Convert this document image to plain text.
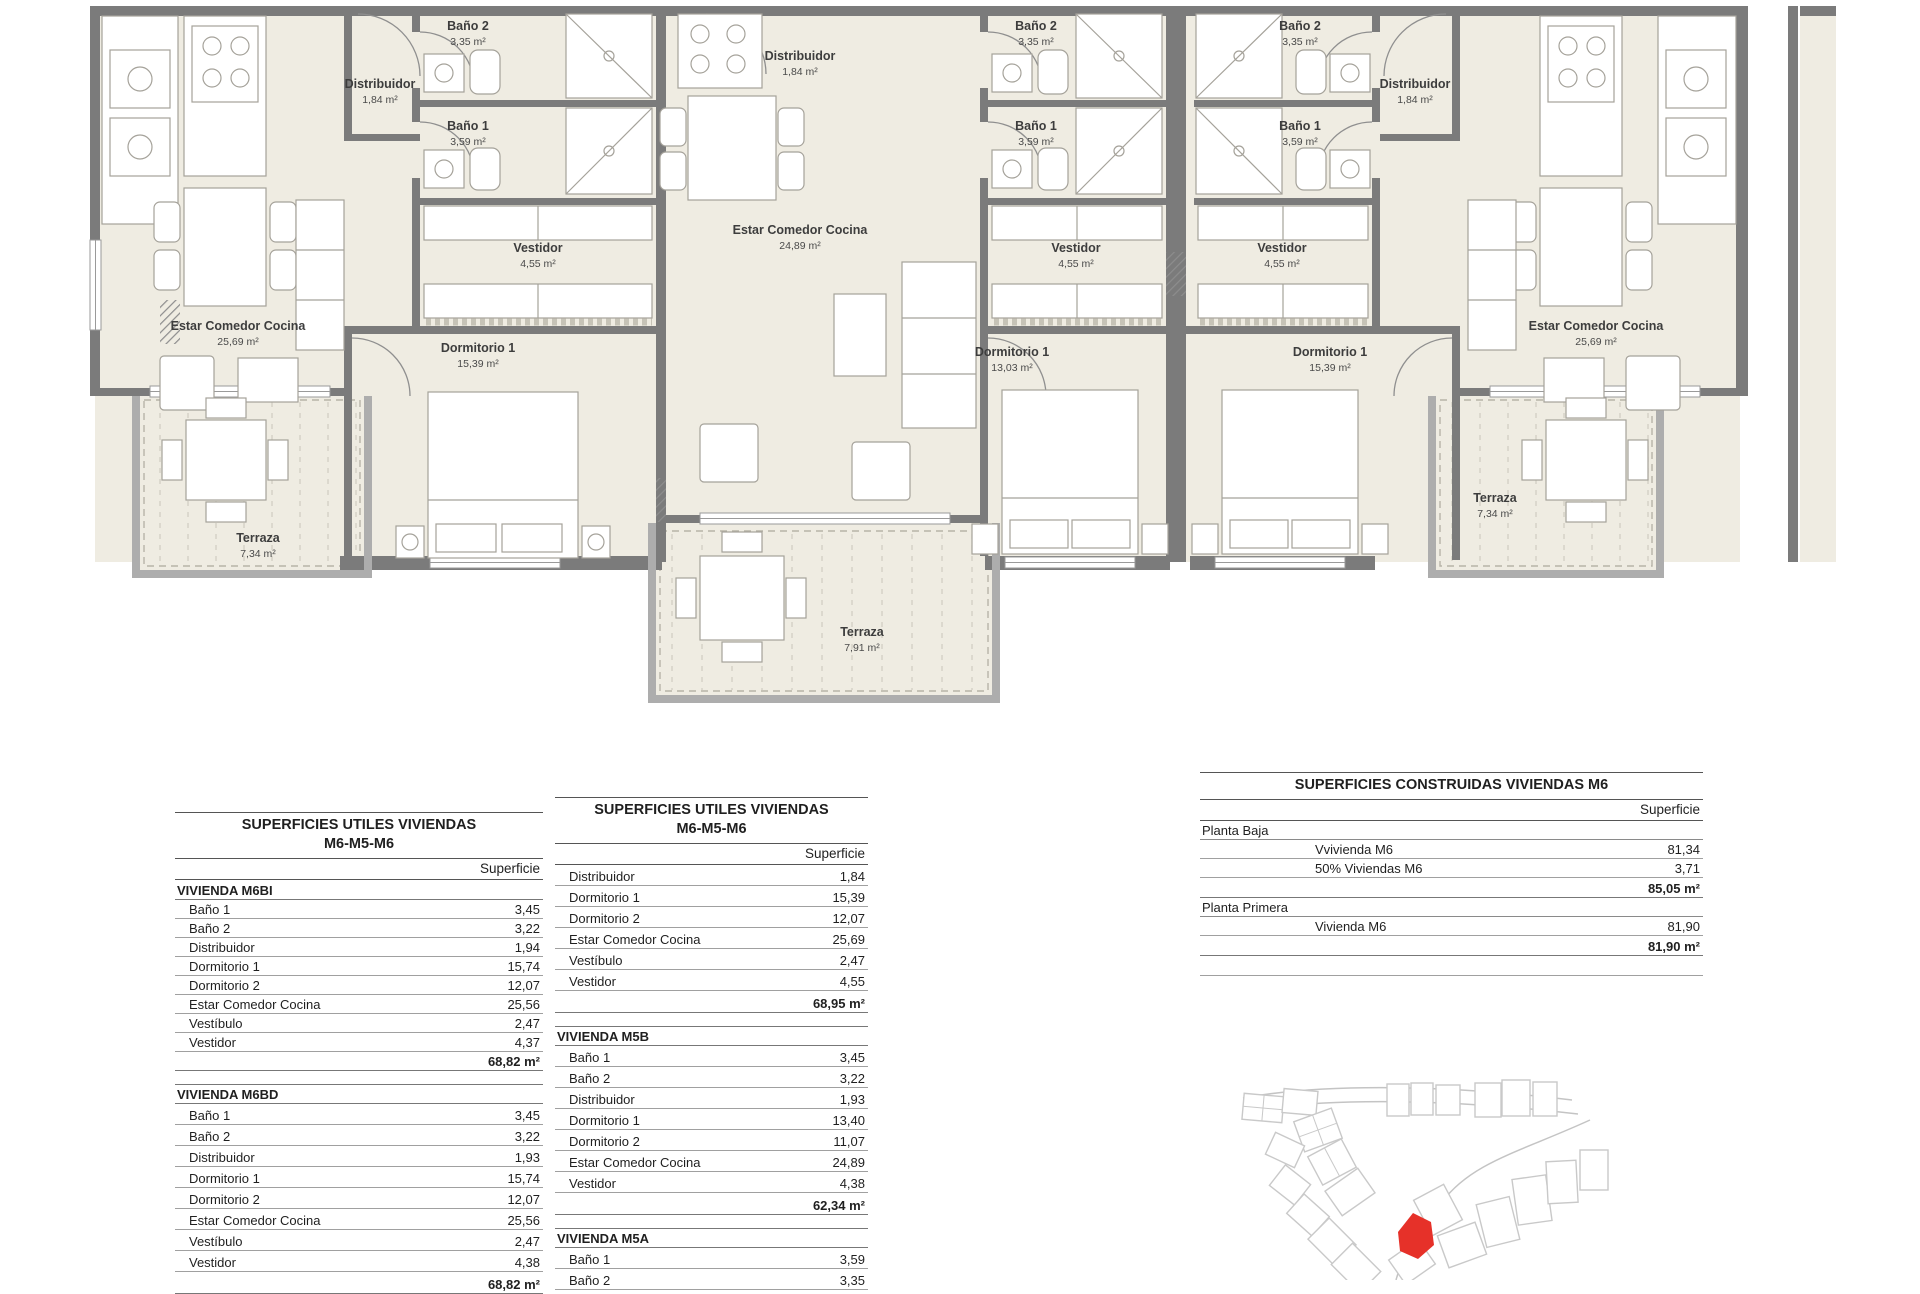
Baño 2
3,35 m²
Distribuidor
1,84 m²
Baño 1
3,59 m²
Vestidor
4,55 m²
Estar Comedor Cocina
25,69 m²	Dormitorio 1
15,39 m²
Terraza
7,34 m²
Distribuidor
1,84 m²
Estar Comedor Cocina
24,89 m²
Baño 2
3,35 m²
Baño 1
3,59 m²
Vestidor
4,55 m²
Dormitorio 1
13,03 m²
Terraza
7,91 m²
Baño 2
3,35 m²
Baño 1
3,59 m²
Vestidor
4,55 m²
Dormitorio 1
15,39 m²
Distribuidor
1,84 m²
Estar Comedor Cocina
25,69 m²
Terraza
7,34 m²
SUPERFICIES UTILES VIVIENDAS
M6-M5-M6
Superficie
VIVIENDA M6BI
Baño 1	3,45
Baño 2	3,22
Distribuidor	1,94
Dormitorio 1	15,74
Dormitorio 2	12,07
Estar Comedor Cocina	25,56
Vestíbulo	2,47
Vestidor	4,37
68,82 m²
VIVIENDA M6BD
Baño 1	3,45
Baño 2	3,22
Distribuidor	1,93
Dormitorio 1	15,74
Dormitorio 2	12,07
Estar Comedor Cocina	25,56
Vestíbulo	2,47
Vestidor	4,38
68,82 m²
SUPERFICIES UTILES VIVIENDAS
M6-M5-M6
Superficie
Distribuidor	1,84
Dormitorio 1	15,39
Dormitorio 2	12,07
Estar Comedor Cocina	25,69
Vestíbulo	2,47
Vestidor	4,55
68,95 m²
VIVIENDA M5B
Baño 1	3,45
Baño 2	3,22
Distribuidor	1,93
Dormitorio 1	13,40
Dormitorio 2	11,07
Estar Comedor Cocina	24,89
Vestidor	4,38
62,34 m²
VIVIENDA M5A
Baño 1	3,59
Baño 2	3,35
SUPERFICIES CONSTRUIDAS VIVIENDAS M6
Superficie
Planta Baja
Vvivienda M6	81,34
50% Viviendas M6	3,71
85,05 m²
Planta Primera
Vivienda M6	81,90
81,90 m²
